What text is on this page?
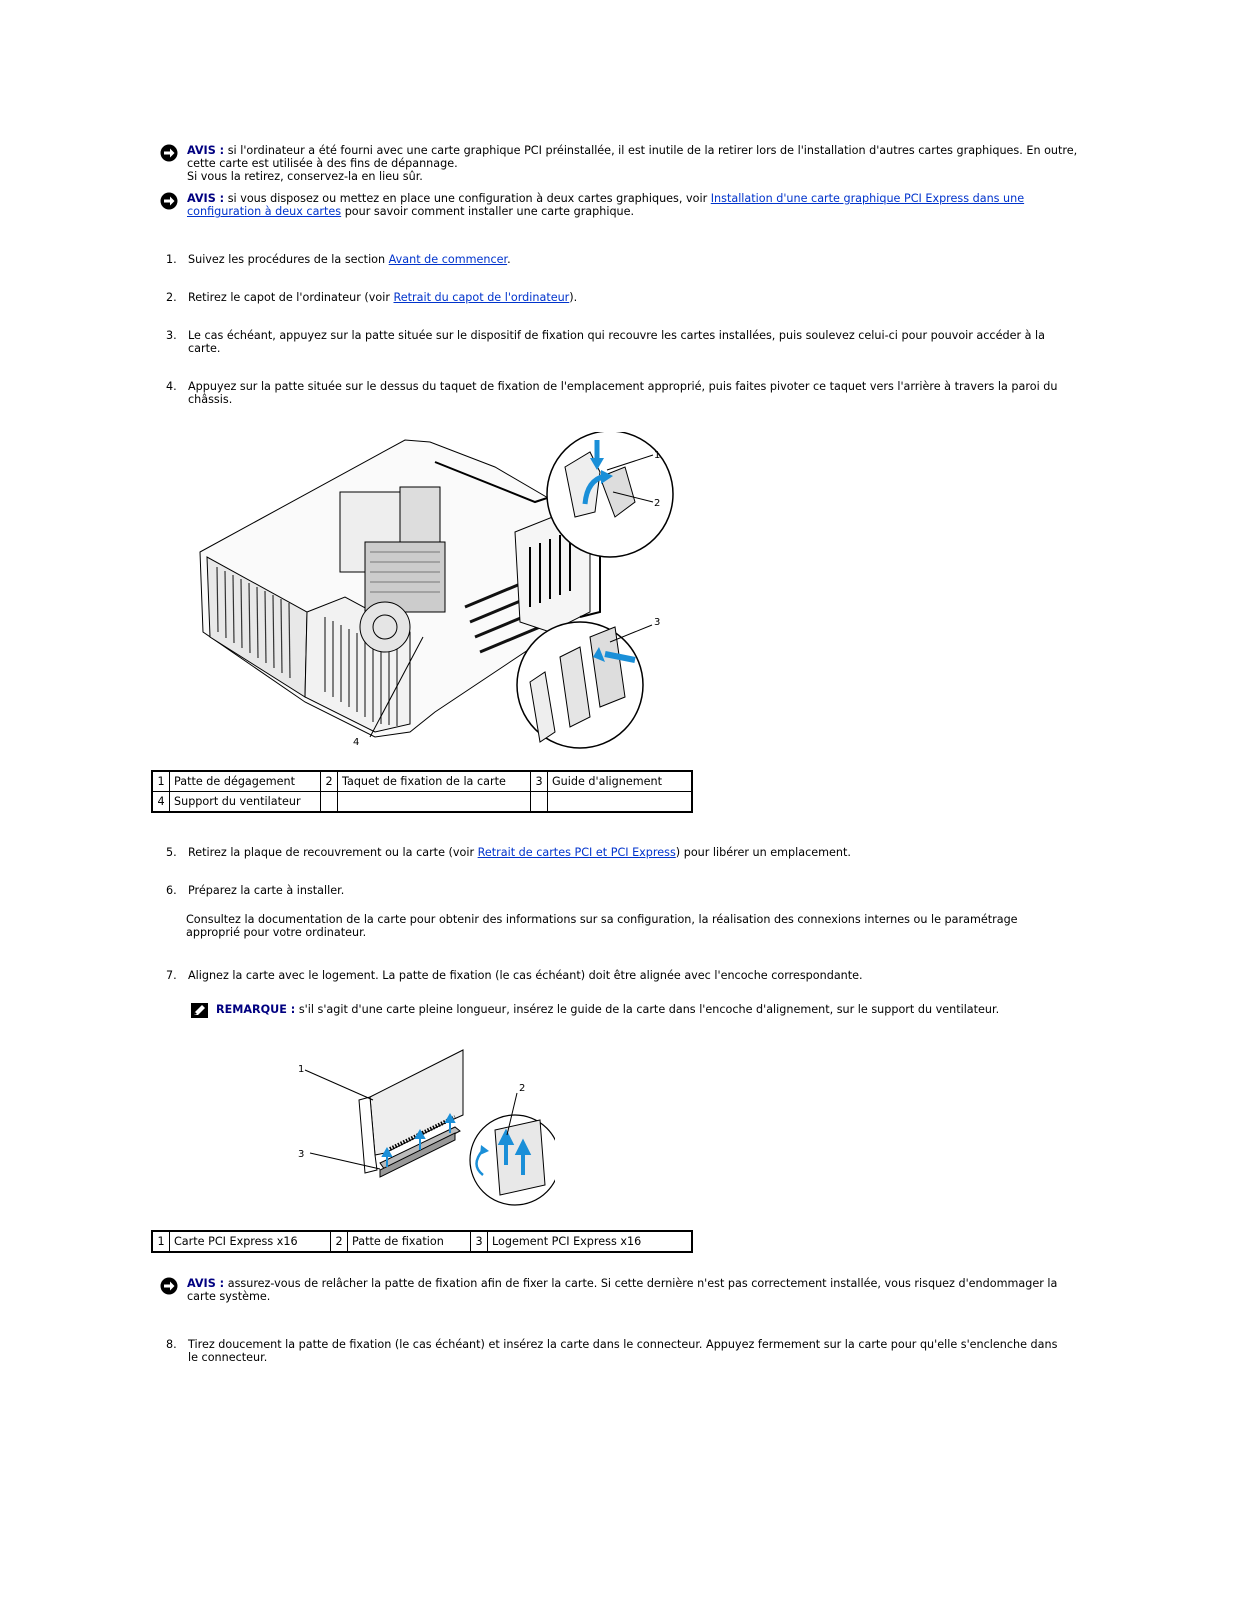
AVIS : si l'ordinateur a été fourni avec une carte graphique PCI préinstallée, il est inutile de la retirer lors de l'installation d'autres cartes graphiques. En outre, cette carte est utilisée à des fins de dépannage.
Si vous la retirez, conservez-la en lieu sûr.
AVIS : si vous disposez ou mettez en place une configuration à deux cartes graphiques, voir Installation d'une carte graphique PCI Express dans une configuration à deux cartes pour savoir comment installer une carte graphique.
1. Suivez les procédures de la section Avant de commencer.
2. Retirez le capot de l'ordinateur (voir Retrait du capot de l'ordinateur).
3. Le cas échéant, appuyez sur la patte située sur le dispositif de fixation qui recouvre les cartes installées, puis soulevez celui-ci pour pouvoir accéder à la carte.
4. Appuyez sur la patte située sur le dessus du taquet de fixation de l'emplacement approprié, puis faites pivoter ce taquet vers l'arrière à travers la paroi du châssis.
1
2
3
4
1	Patte de dégagement	2	Taquet de fixation de la carte	3	Guide d'alignement
4	Support du ventilateur				
5. Retirez la plaque de recouvrement ou la carte (voir Retrait de cartes PCI et PCI Express) pour libérer un emplacement.
6. Préparez la carte à installer.
Consultez la documentation de la carte pour obtenir des informations sur sa configuration, la réalisation des connexions internes ou le paramétrage approprié pour votre ordinateur.
7. Alignez la carte avec le logement. La patte de fixation (le cas échéant) doit être alignée avec l'encoche correspondante.
REMARQUE : s'il s'agit d'une carte pleine longueur, insérez le guide de la carte dans l'encoche d'alignement, sur le support du ventilateur.
1
2
3
1	Carte PCI Express x16	2	Patte de fixation	3	Logement PCI Express x16
AVIS : assurez-vous de relâcher la patte de fixation afin de fixer la carte. Si cette dernière n'est pas correctement installée, vous risquez d'endommager la carte système.
8. Tirez doucement la patte de fixation (le cas échéant) et insérez la carte dans le connecteur. Appuyez fermement sur la carte pour qu'elle s'enclenche dans le connecteur.
